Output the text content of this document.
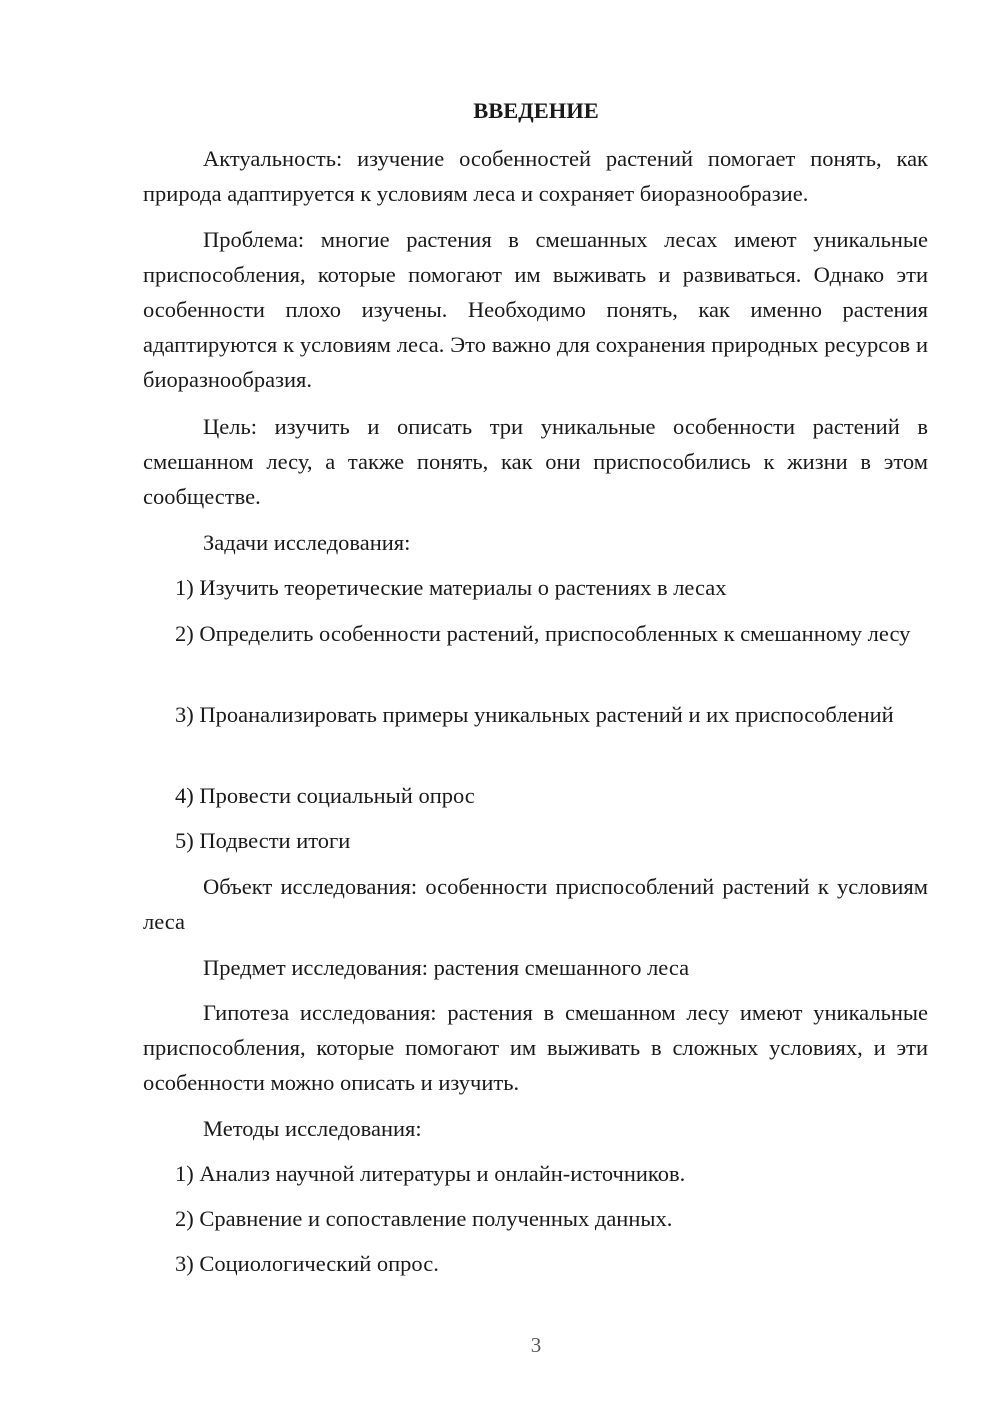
ВВЕДЕНИЕ

Актуальность: изучение особенностей растений помогает понять, как природа адаптируется к условиям леса и сохраняет биоразнообразие.

Проблема: многие растения в смешанных лесах имеют уникальные приспособления, которые помогают им выживать и развиваться. Однако эти особенности плохо изучены. Необходимо понять, как именно растения адаптируются к условиям леса. Это важно для сохранения природных ресурсов и биоразнообразия.

Цель: изучить и описать три уникальные особенности растений в смешанном лесу, а также понять, как они приспособились к жизни в этом сообществе.

Задачи исследования:

1) Изучить теоретические материалы о растениях в лесах

2) Определить особенности растений, приспособленных к смешанному лесу

3) Проанализировать примеры уникальных растений и их приспособлений

4) Провести социальный опрос

5) Подвести итоги

Объект исследования: особенности приспособлений растений к условиям леса

Предмет исследования: растения смешанного леса

Гипотеза исследования: растения в смешанном лесу имеют уникальные приспособления, которые помогают им выживать в сложных условиях, и эти особенности можно описать и изучить.

Методы исследования:

1) Анализ научной литературы и онлайн-источников.

2) Сравнение и сопоставление полученных данных.

3) Социологический опрос.

3
